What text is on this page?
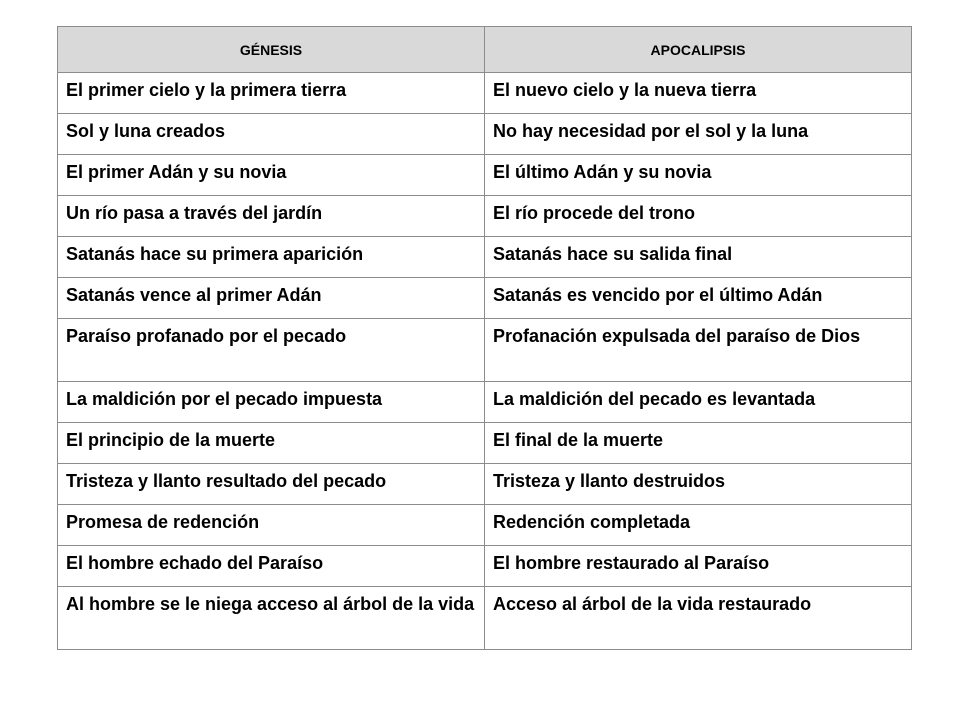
GÉNESIS	APOCALIPSIS
El primer cielo y la primera tierra	El nuevo cielo y la nueva tierra
Sol y luna creados	No hay necesidad por el sol y la luna
El primer Adán y su novia	El último Adán y su novia
Un río pasa a través del jardín	El río procede del trono
Satanás hace su primera aparición	Satanás hace su salida final
Satanás vence al primer Adán	Satanás es vencido por el último Adán
Paraíso profanado por el pecado	Profanación expulsada del paraíso de Dios
La maldición por el pecado impuesta	La maldición del pecado es levantada
El principio de la muerte	El final de la muerte
Tristeza y llanto resultado del pecado	Tristeza y llanto destruidos
Promesa de redención	Redención completada
El hombre echado del Paraíso	El hombre restaurado al Paraíso
Al hombre se le niega acceso al árbol de la vida	Acceso al árbol de la vida restaurado
